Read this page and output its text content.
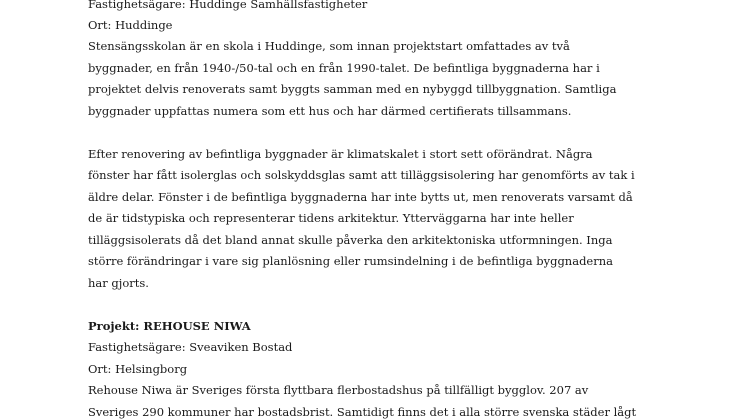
Fastighetsägare: Huddinge Samhällsfastigheter
Ort: Huddinge
Stensängsskolan är en skola i Huddinge, som innan projektstart omfattades av två
byggnader, en från 1940-/50-tal och en från 1990-talet. De befintliga byggnaderna har i
projektet delvis renoverats samt byggts samman med en nybyggd tillbyggnation. Samtliga
byggnader uppfattas numera som ett hus och har därmed certifierats tillsammans.
Efter renovering av befintliga byggnader är klimatskalet i stort sett oförändrat. Några
fönster har fått isolerglas och solskyddsglas samt att tilläggsisolering har genomförts av tak i
äldre delar. Fönster i de befintliga byggnaderna har inte bytts ut, men renoverats varsamt då
de är tidstypiska och representerar tidens arkitektur. Ytterväggarna har inte heller
tilläggsisolerats då det bland annat skulle påverka den arkitektoniska utformningen. Inga
större förändringar i vare sig planlösning eller rumsindelning i de befintliga byggnaderna
har gjorts.
Projekt: REHOUSE NIWA
Fastighetsägare: Sveaviken Bostad
Ort: Helsingborg
Rehouse Niwa är Sveriges första flyttbara flerbostadshus på tillfälligt bygglov. 207 av
Sveriges 290 kommuner har bostadsbrist. Samtidigt finns det i alla större svenska städer lågt
